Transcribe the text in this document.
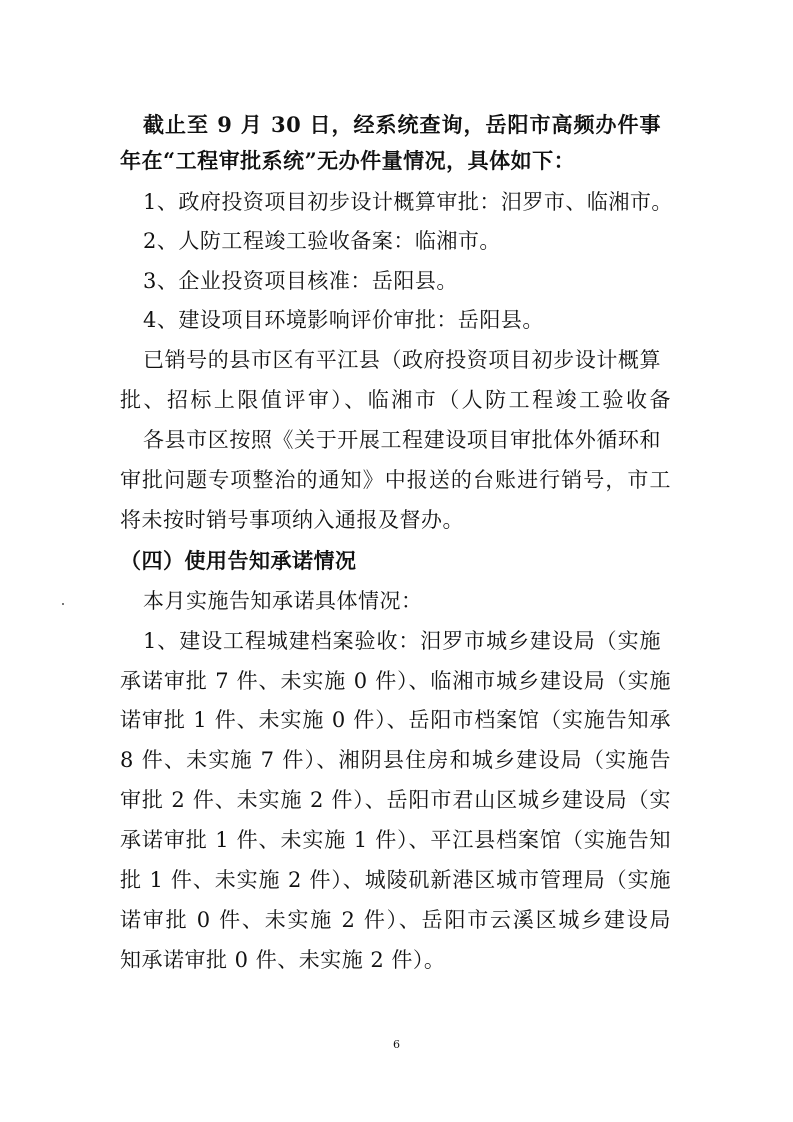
截止至 9 月 30 日，经系统查询，岳阳市高频办件事

年在“工程审批系统”无办件量情况，具体如下：

1、政府投资项目初步设计概算审批：汨罗市、临湘市。

2、人防工程竣工验收备案：临湘市。

3、企业投资项目核准：岳阳县。

4、建设项目环境影响评价审批：岳阳县。

已销号的县市区有平江县（政府投资项目初步设计概算

批、招标上限值评审）、临湘市（人防工程竣工验收备

各县市区按照《关于开展工程建设项目审批体外循环和

审批问题专项整治的通知》中报送的台账进行销号，市工

将未按时销号事项纳入通报及督办。

（四）使用告知承诺情况

本月实施告知承诺具体情况：

1、建设工程城建档案验收：汨罗市城乡建设局（实施

承诺审批 7 件、未实施 0 件）、临湘市城乡建设局（实施

诺审批 1 件、未实施 0 件）、岳阳市档案馆（实施告知承

8 件、未实施 7 件）、湘阴县住房和城乡建设局（实施告

审批 2 件、未实施 2 件）、岳阳市君山区城乡建设局（实

承诺审批 1 件、未实施 1 件）、平江县档案馆（实施告知

批 1 件、未实施 2 件）、城陵矶新港区城市管理局（实施

诺审批 0 件、未实施 2 件）、岳阳市云溪区城乡建设局

知承诺审批 0 件、未实施 2 件）。

6
